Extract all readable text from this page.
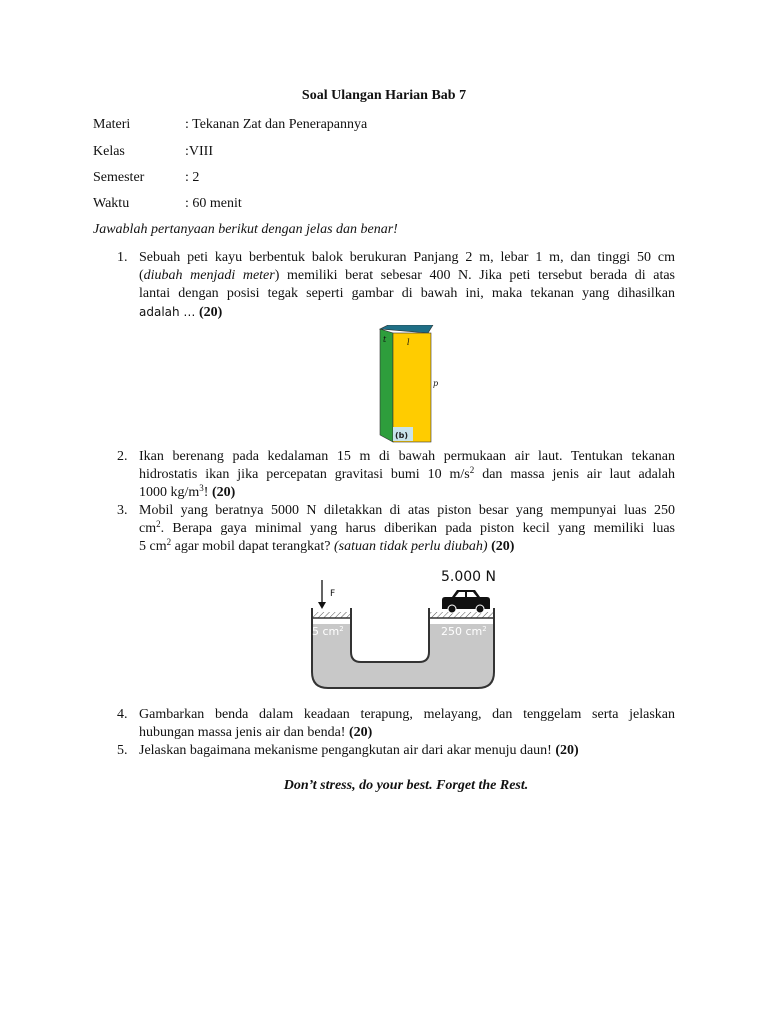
Soal Ulangan Harian Bab 7
Materi	: Tekanan Zat dan Penerapannya
Kelas	:VIII
Semester	: 2
Waktu	: 60 menit
Jawablah pertanyaan berikut dengan jelas dan benar!
1. Sebuah peti kayu berbentuk balok berukuran Panjang 2 m, lebar 1 m, dan tinggi 50 cm
(diubah menjadi meter) memiliki berat sebesar 400 N. Jika peti tersebut berada di atas
lantai dengan posisi tegak seperti gambar di bawah ini, maka tekanan yang dihasilkan
adalah … (20)
t	l
p
(b)
2. Ikan berenang pada kedalaman 15 m di bawah permukaan air laut. Tentukan tekanan
hidrostatis ikan jika percepatan gravitasi bumi 10 $m/s^2$ dan massa jenis air laut adalah
1000 $kg/m^3$! (20)
3. Mobil yang beratnya 5000 N diletakkan di atas piston besar yang mempunyai luas 250
$cm^2$. Berapa gaya minimal yang harus diberikan pada piston kecil yang memiliki luas
5 $cm^2$ agar mobil dapat terangkat? (satuan tidak perlu diubah) (20)
F
5.000 N
5 $cm^2$	250 $cm^2$
4. Gambarkan benda dalam keadaan terapung, melayang, dan tenggelam serta jelaskan
hubungan massa jenis air dan benda! (20)
5. Jelaskan bagaimana mekanisme pengangkutan air dari akar menuju daun! (20)
Don’t stress, do your best. Forget the Rest.
